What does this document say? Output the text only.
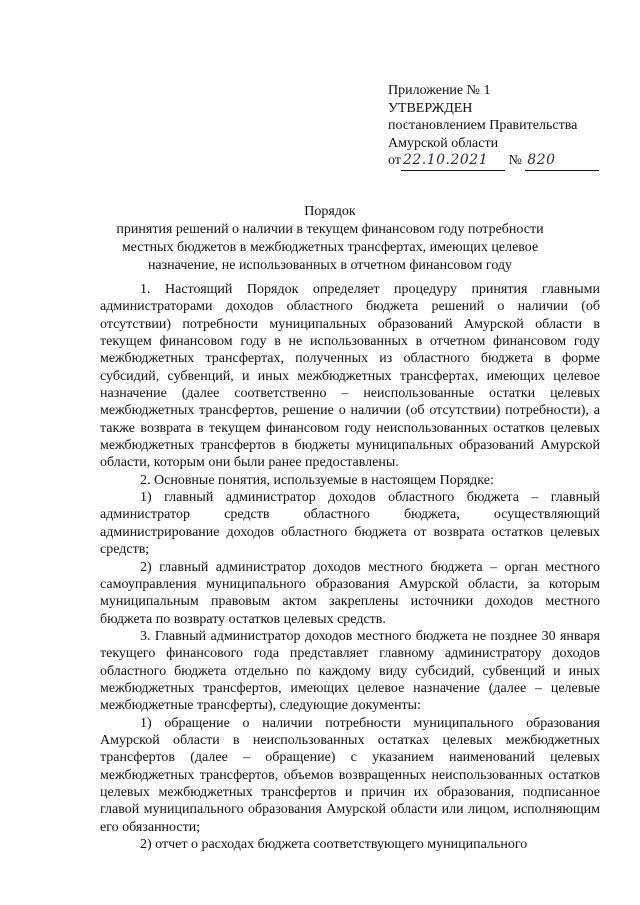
Приложение № 1
УТВЕРЖДЕН
постановлением Правительства
Амурской области
от 22.10.2021 № 820
Порядок
принятия решений о наличии в текущем финансовом году потребности
местных бюджетов в межбюджетных трансфертах, имеющих целевое
назначение, не использованных в отчетном финансовом году

1. Настоящий Порядок определяет процедуру принятия главными администраторами доходов областного бюджета решений о наличии (об отсутствии) потребности муниципальных образований Амурской области в текущем финансовом году в не использованных в отчетном финансовом году межбюджетных трансфертах, полученных из областного бюджета в форме субсидий, субвенций, и иных межбюджетных трансфертах, имеющих целевое назначение (далее соответственно – неиспользованные остатки целевых межбюджетных трансфертов, решение о наличии (об отсутствии) потребности), а также возврата в текущем финансовом году неиспользованных остатков целевых межбюджетных трансфертов в бюджеты муниципальных образований Амурской области, которым они были ранее предоставлены.

2. Основные понятия, используемые в настоящем Порядке:

1) главный администратор доходов областного бюджета – главный администратор средств областного бюджета, осуществляющий администрирование доходов областного бюджета от возврата остатков целевых средств;

2) главный администратор доходов местного бюджета – орган местного самоуправления муниципального образования Амурской области, за которым муниципальным правовым актом закреплены источники доходов местного бюджета по возврату остатков целевых средств.

3. Главный администратор доходов местного бюджета не позднее 30 января текущего финансового года представляет главному администратору доходов областного бюджета отдельно по каждому виду субсидий, субвенций и иных межбюджетных трансфертов, имеющих целевое назначение (далее – целевые межбюджетные трансферты), следующие документы:

1) обращение о наличии потребности муниципального образования Амурской области в неиспользованных остатках целевых межбюджетных трансфертов (далее – обращение) с указанием наименований целевых межбюджетных трансфертов, объемов возвращенных неиспользованных остатков целевых межбюджетных трансфертов и причин их образования, подписанное главой муниципального образования Амурской области или лицом, исполняющим его обязанности;

2) отчет о расходах бюджета соответствующего муниципального
